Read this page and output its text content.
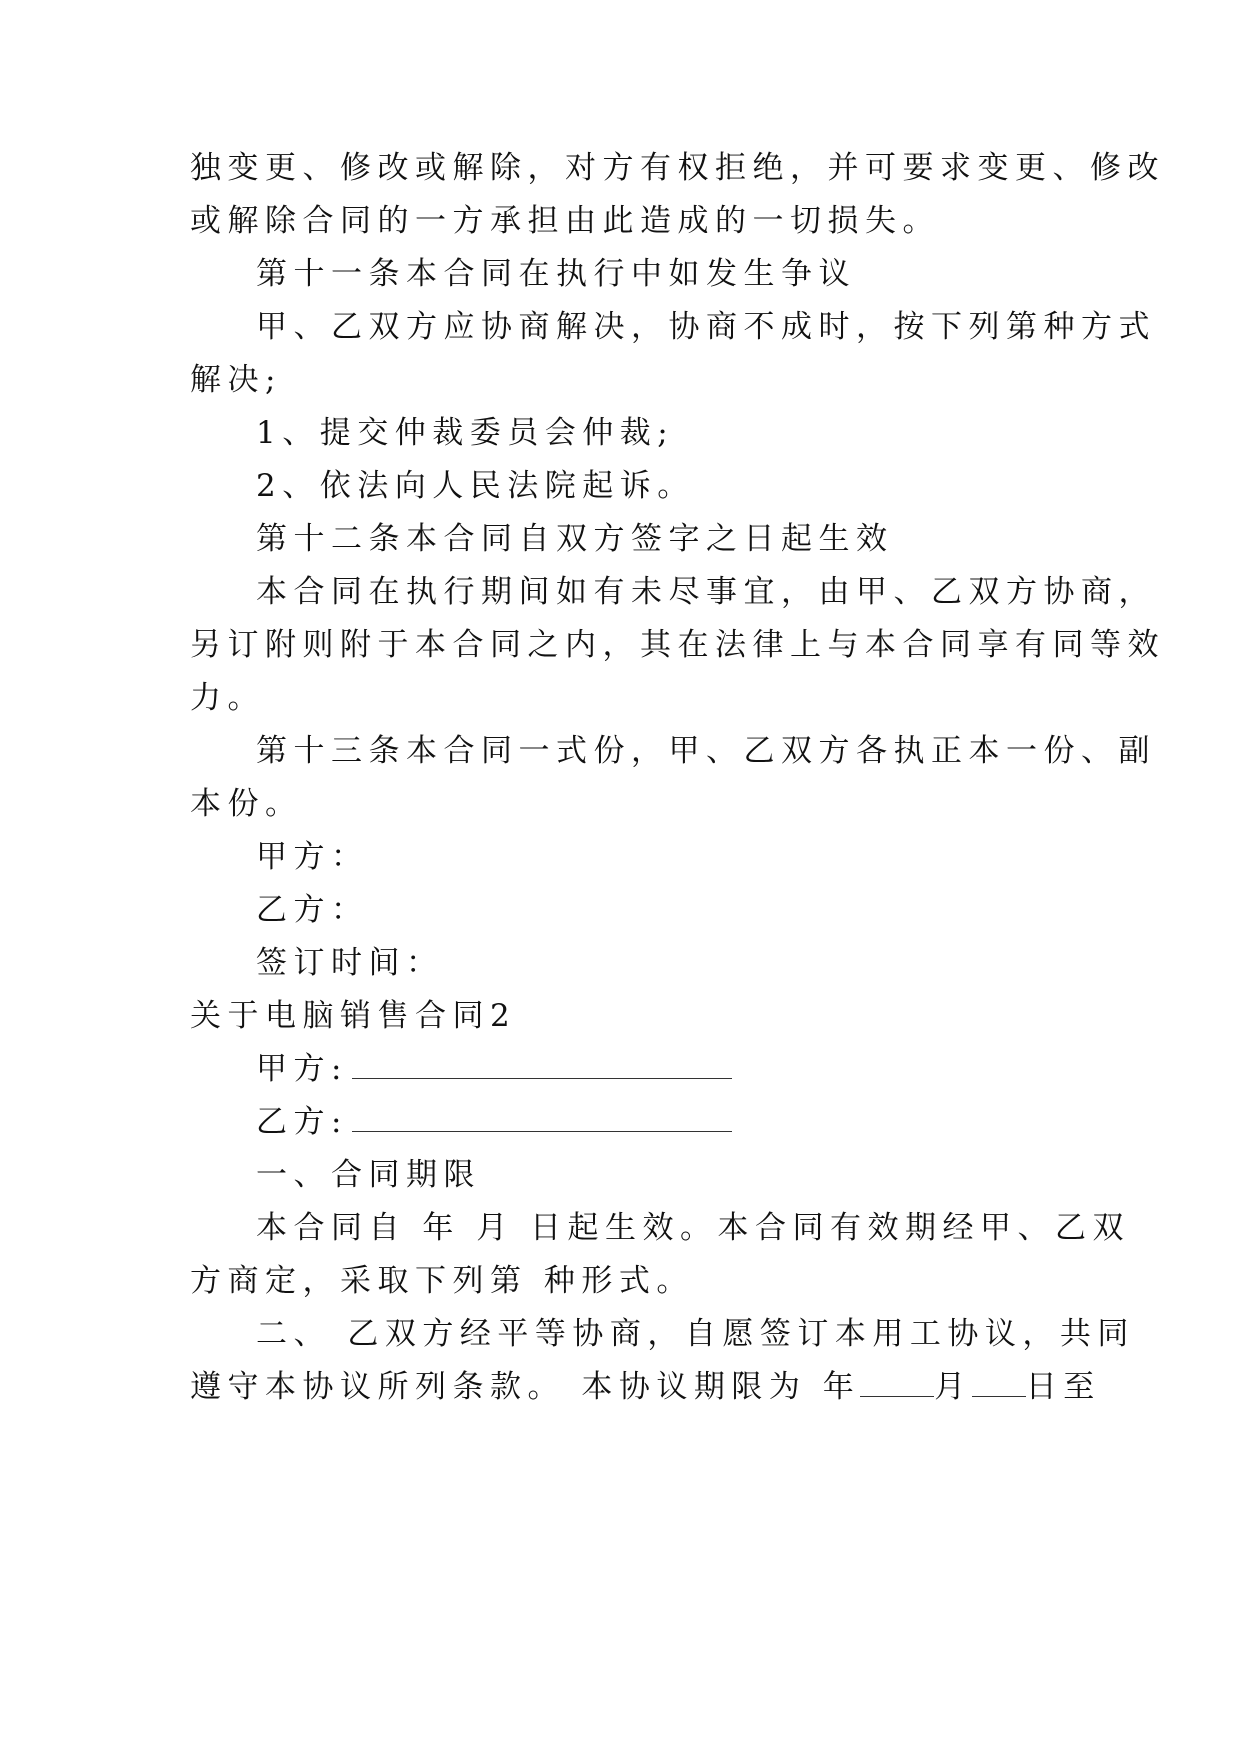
独变更、修改或解除，对方有权拒绝，并可要求变更、修改
或解除合同的一方承担由此造成的一切损失。
第十一条本合同在执行中如发生争议
甲、乙双方应协商解决，协商不成时，按下列第种方式
解决;
1、提交仲裁委员会仲裁;
2、依法向人民法院起诉。
第十二条本合同自双方签字之日起生效
本合同在执行期间如有未尽事宜，由甲、乙双方协商，
另订附则附于本合同之内，其在法律上与本合同享有同等效
力。
第十三条本合同一式份，甲、乙双方各执正本一份、副
本份。
甲方：
乙方：
签订时间：
关于电脑销售合同2
甲方:
乙方:
一、合同期限
本合同自 年 月 日起生效。本合同有效期经甲、乙双
方商定，采取下列第 种形式。
二、 乙双方经平等协商，自愿签订本用工协议，共同
遵守本协议所列条款。 本协议期限为 年 月 日至
